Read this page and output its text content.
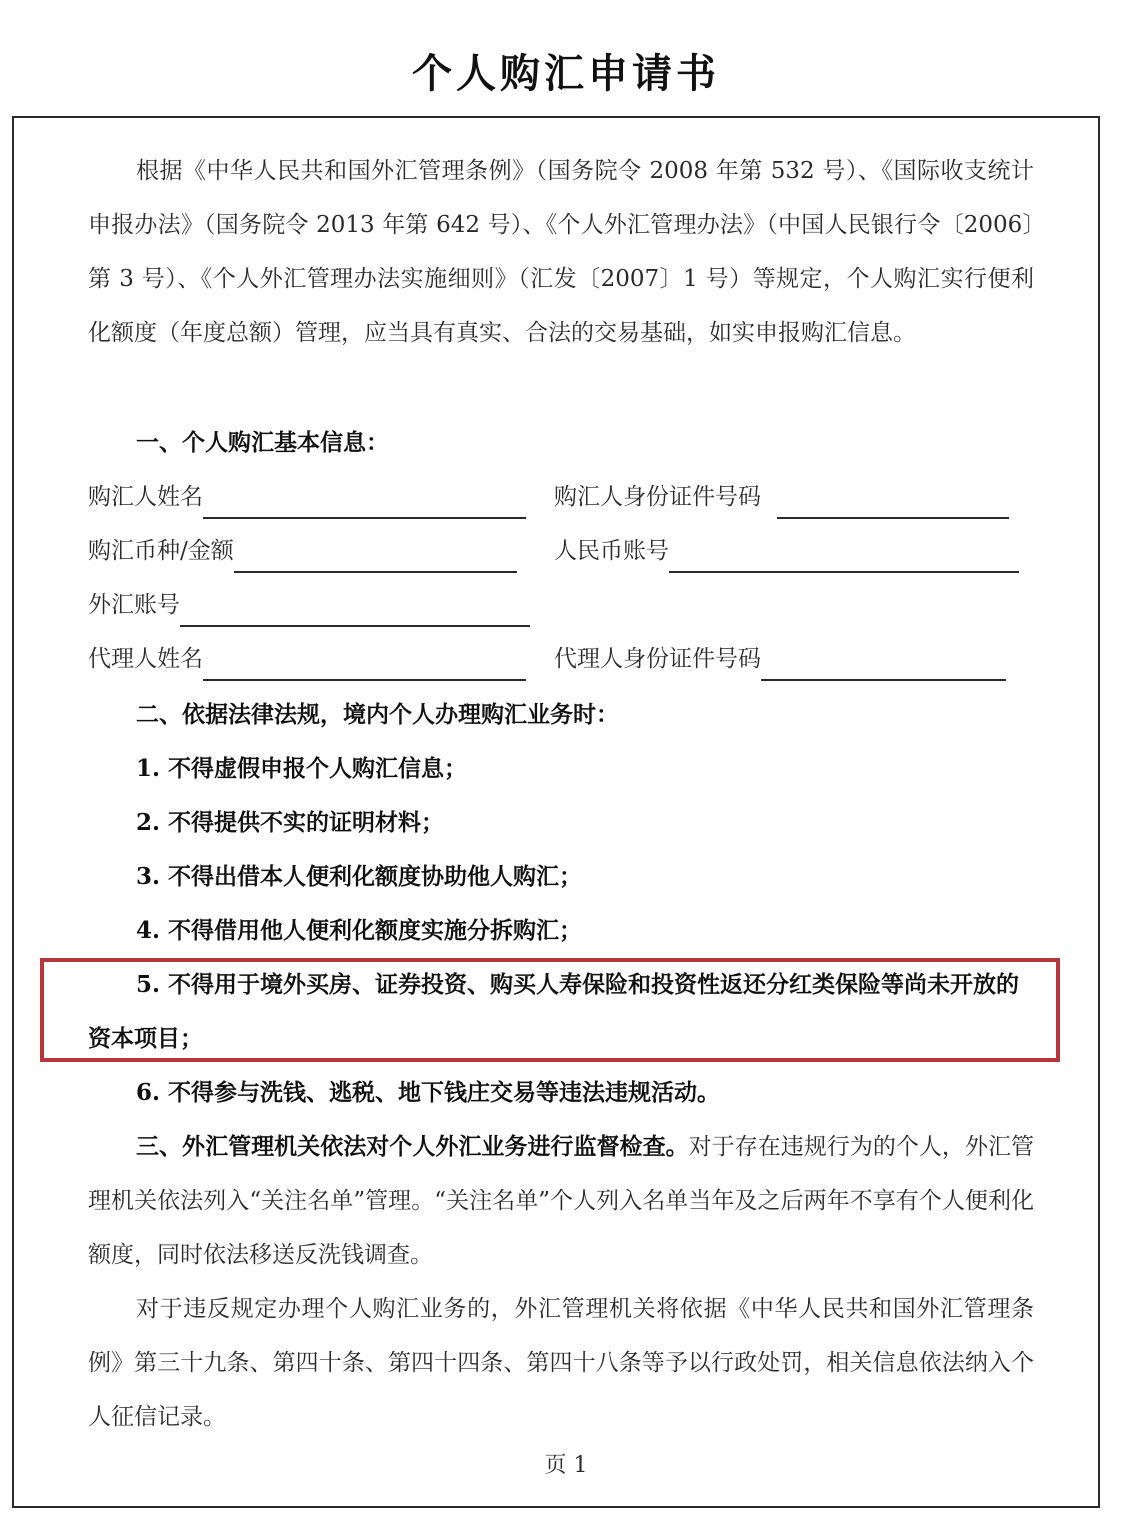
个人购汇申请书

根据《中华人民共和国外汇管理条例》（国务院令 2008 年第 532 号）、《国际收支统计申报办法》（国务院令 2013 年第 642 号）、《个人外汇管理办法》（中国人民银行令〔2006〕第 3 号）、《个人外汇管理办法实施细则》（汇发〔2007〕1 号）等规定，个人购汇实行便利化额度（年度总额）管理，应当具有真实、合法的交易基础，如实申报购汇信息。

一、个人购汇基本信息：

购汇人姓名	购汇人身份证件号码
购汇币种/金额	人民币账号
外汇账号
代理人姓名	代理人身份证件号码

二、依据法律法规，境内个人办理购汇业务时：

1. 不得虚假申报个人购汇信息；

2. 不得提供不实的证明材料；

3. 不得出借本人便利化额度协助他人购汇；

4. 不得借用他人便利化额度实施分拆购汇；

5. 不得用于境外买房、证券投资、购买人寿保险和投资性返还分红类保险等尚未开放的资本项目；

6. 不得参与洗钱、逃税、地下钱庄交易等违法违规活动。

三、外汇管理机关依法对个人外汇业务进行监督检查。对于存在违规行为的个人，外汇管理机关依法列入“关注名单”管理。“关注名单”个人列入名单当年及之后两年不享有个人便利化额度，同时依法移送反洗钱调查。

对于违反规定办理个人购汇业务的，外汇管理机关将依据《中华人民共和国外汇管理条例》第三十九条、第四十条、第四十四条、第四十八条等予以行政处罚，相关信息依法纳入个人征信记录。

页 1
